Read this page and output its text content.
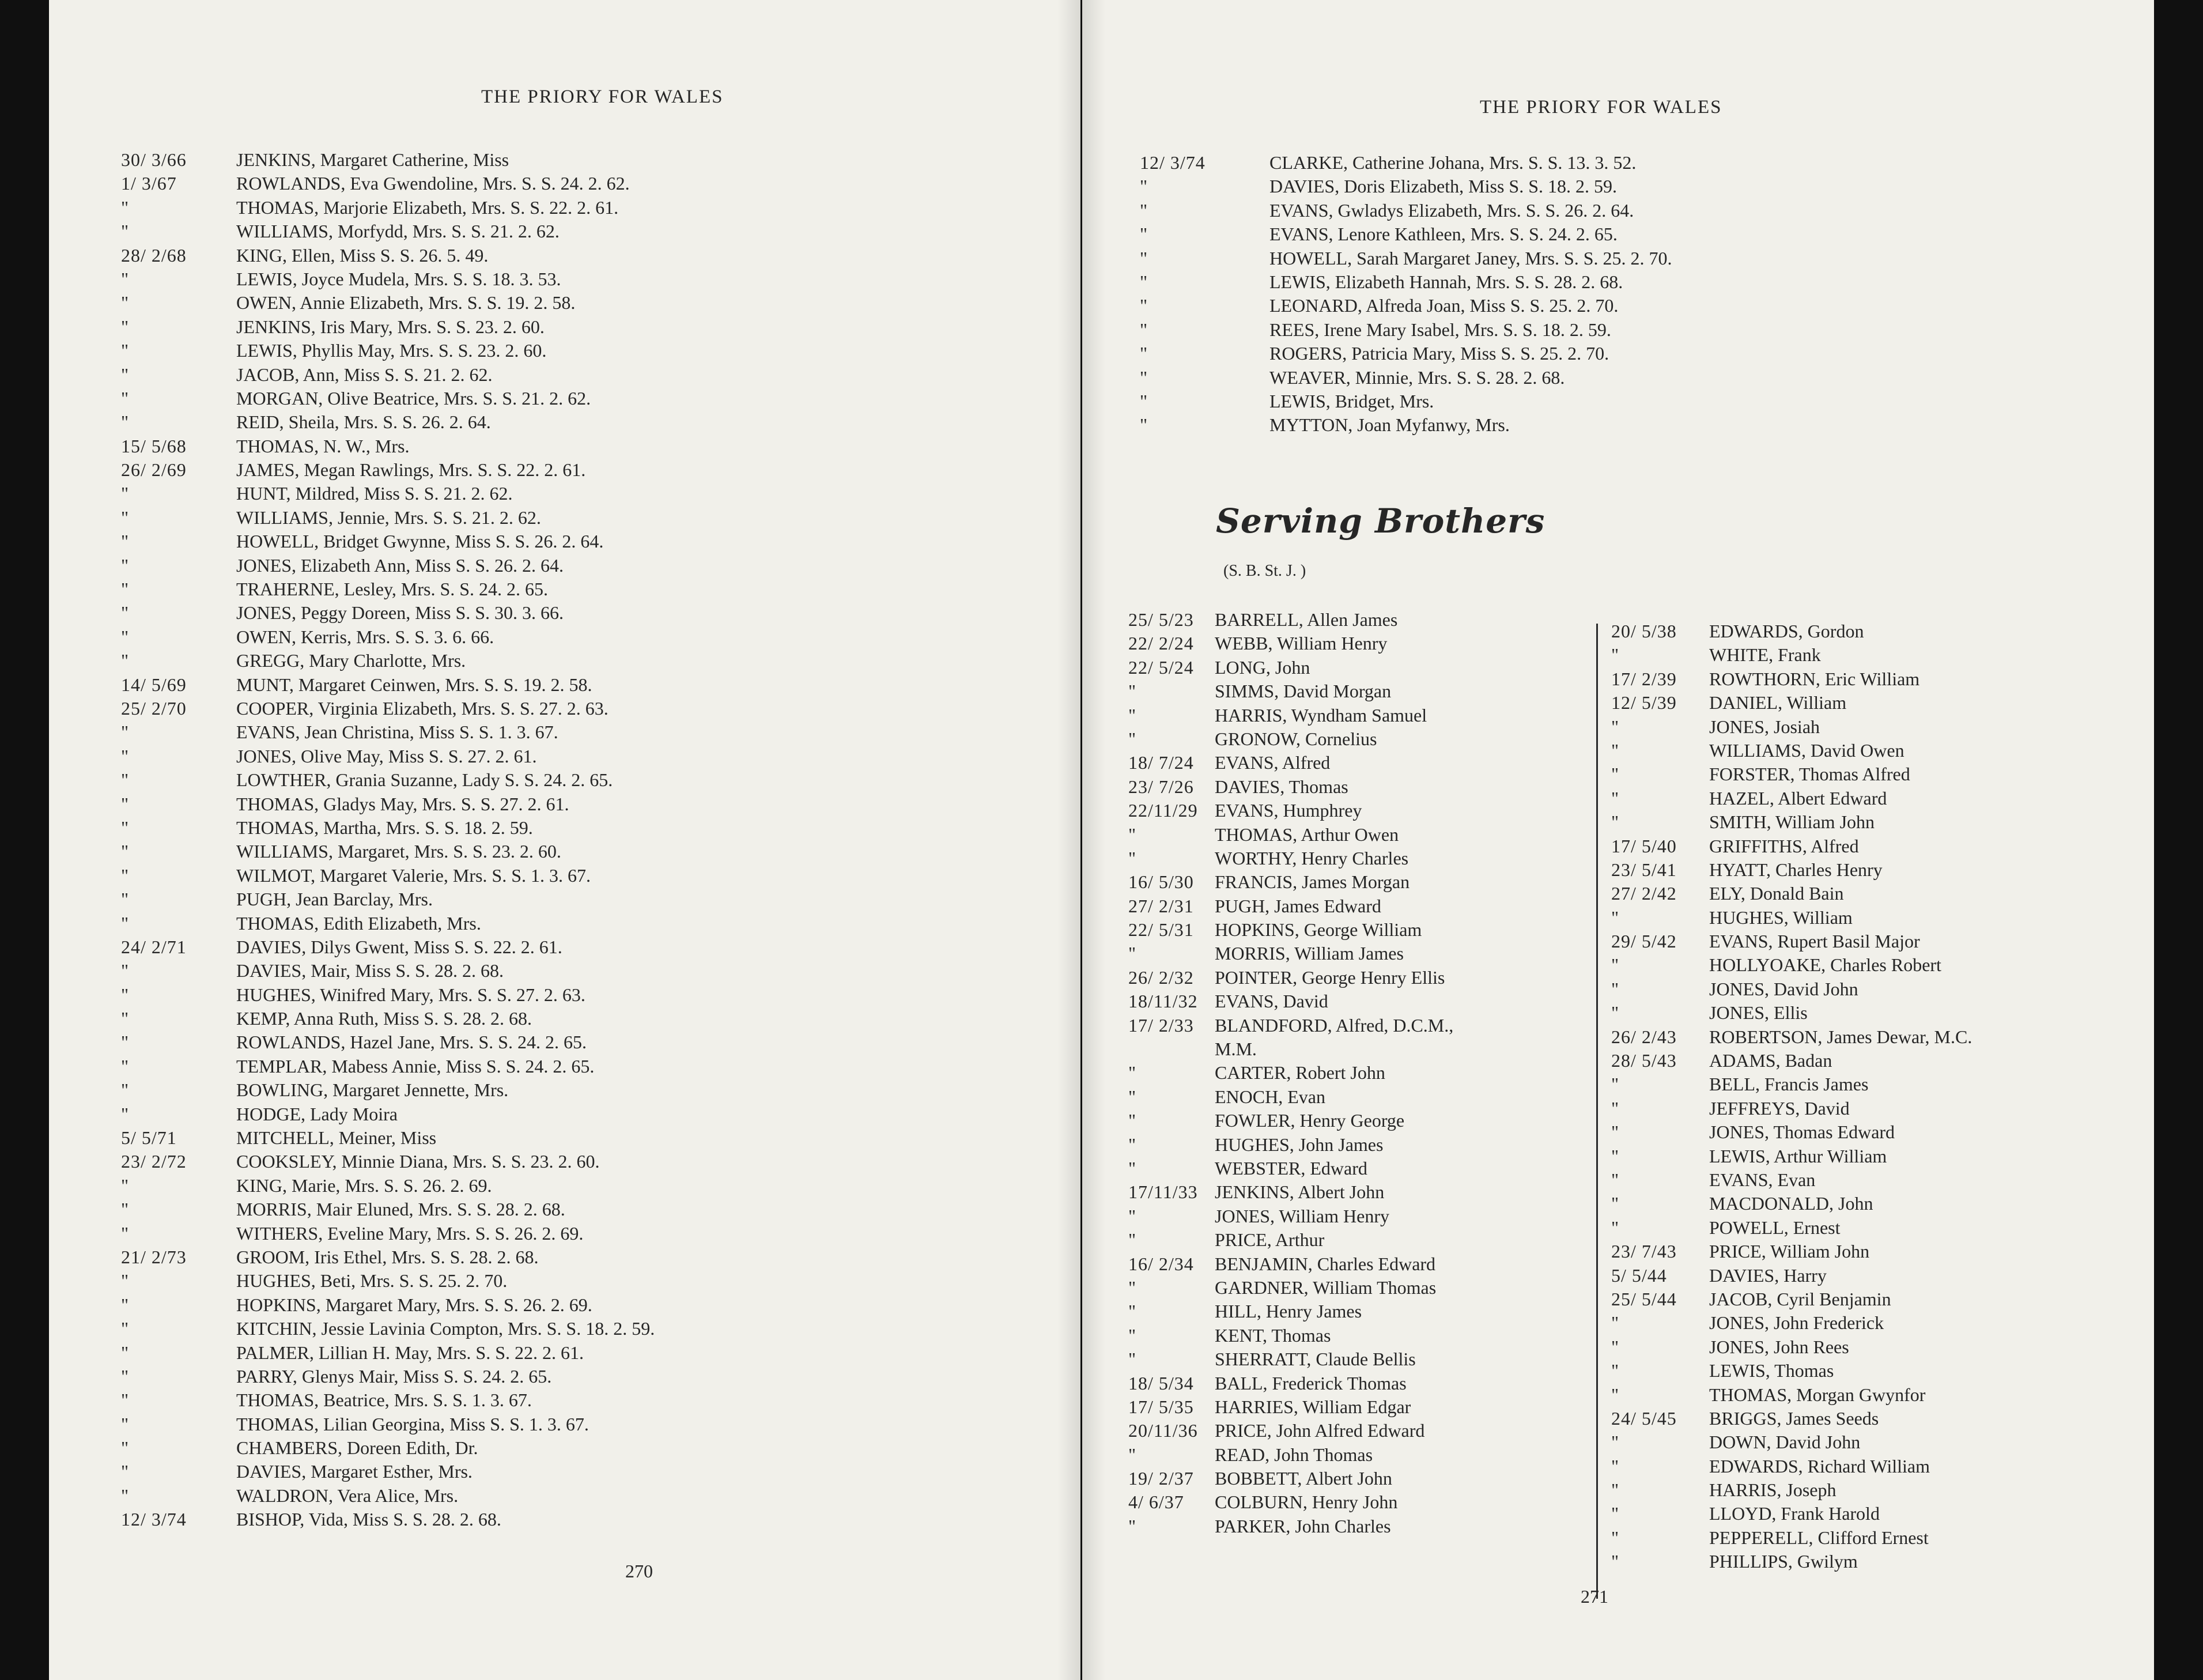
THE PRIORY FOR WALES
30/ 3/66	JENKINS, Margaret Catherine, Miss
1/ 3/67	ROWLANDS, Eva Gwendoline, Mrs. S. S. 24. 2. 62.
"	THOMAS, Marjorie Elizabeth, Mrs. S. S. 22. 2. 61.
"	WILLIAMS, Morfydd, Mrs. S. S. 21. 2. 62.
28/ 2/68	KING, Ellen, Miss S. S. 26. 5. 49.
"	LEWIS, Joyce Mudela, Mrs. S. S. 18. 3. 53.
"	OWEN, Annie Elizabeth, Mrs. S. S. 19. 2. 58.
"	JENKINS, Iris Mary, Mrs. S. S. 23. 2. 60.
"	LEWIS, Phyllis May, Mrs. S. S. 23. 2. 60.
"	JACOB, Ann, Miss S. S. 21. 2. 62.
"	MORGAN, Olive Beatrice, Mrs. S. S. 21. 2. 62.
"	REID, Sheila, Mrs. S. S. 26. 2. 64.
15/ 5/68	THOMAS, N. W., Mrs.
26/ 2/69	JAMES, Megan Rawlings, Mrs. S. S. 22. 2. 61.
"	HUNT, Mildred, Miss S. S. 21. 2. 62.
"	WILLIAMS, Jennie, Mrs. S. S. 21. 2. 62.
"	HOWELL, Bridget Gwynne, Miss S. S. 26. 2. 64.
"	JONES, Elizabeth Ann, Miss S. S. 26. 2. 64.
"	TRAHERNE, Lesley, Mrs. S. S. 24. 2. 65.
"	JONES, Peggy Doreen, Miss S. S. 30. 3. 66.
"	OWEN, Kerris, Mrs. S. S. 3. 6. 66.
"	GREGG, Mary Charlotte, Mrs.
14/ 5/69	MUNT, Margaret Ceinwen, Mrs. S. S. 19. 2. 58.
25/ 2/70	COOPER, Virginia Elizabeth, Mrs. S. S. 27. 2. 63.
"	EVANS, Jean Christina, Miss S. S. 1. 3. 67.
"	JONES, Olive May, Miss S. S. 27. 2. 61.
"	LOWTHER, Grania Suzanne, Lady S. S. 24. 2. 65.
"	THOMAS, Gladys May, Mrs. S. S. 27. 2. 61.
"	THOMAS, Martha, Mrs. S. S. 18. 2. 59.
"	WILLIAMS, Margaret, Mrs. S. S. 23. 2. 60.
"	WILMOT, Margaret Valerie, Mrs. S. S. 1. 3. 67.
"	PUGH, Jean Barclay, Mrs.
"	THOMAS, Edith Elizabeth, Mrs.
24/ 2/71	DAVIES, Dilys Gwent, Miss S. S. 22. 2. 61.
"	DAVIES, Mair, Miss S. S. 28. 2. 68.
"	HUGHES, Winifred Mary, Mrs. S. S. 27. 2. 63.
"	KEMP, Anna Ruth, Miss S. S. 28. 2. 68.
"	ROWLANDS, Hazel Jane, Mrs. S. S. 24. 2. 65.
"	TEMPLAR, Mabess Annie, Miss S. S. 24. 2. 65.
"	BOWLING, Margaret Jennette, Mrs.
"	HODGE, Lady Moira
5/ 5/71	MITCHELL, Meiner, Miss
23/ 2/72	COOKSLEY, Minnie Diana, Mrs. S. S. 23. 2. 60.
"	KING, Marie, Mrs. S. S. 26. 2. 69.
"	MORRIS, Mair Eluned, Mrs. S. S. 28. 2. 68.
"	WITHERS, Eveline Mary, Mrs. S. S. 26. 2. 69.
21/ 2/73	GROOM, Iris Ethel, Mrs. S. S. 28. 2. 68.
"	HUGHES, Beti, Mrs. S. S. 25. 2. 70.
"	HOPKINS, Margaret Mary, Mrs. S. S. 26. 2. 69.
"	KITCHIN, Jessie Lavinia Compton, Mrs. S. S. 18. 2. 59.
"	PALMER, Lillian H. May, Mrs. S. S. 22. 2. 61.
"	PARRY, Glenys Mair, Miss S. S. 24. 2. 65.
"	THOMAS, Beatrice, Mrs. S. S. 1. 3. 67.
"	THOMAS, Lilian Georgina, Miss S. S. 1. 3. 67.
"	CHAMBERS, Doreen Edith, Dr.
"	DAVIES, Margaret Esther, Mrs.
"	WALDRON, Vera Alice, Mrs.
12/ 3/74	BISHOP, Vida, Miss S. S. 28. 2. 68.
270
THE PRIORY FOR WALES
12/ 3/74	CLARKE, Catherine Johana, Mrs. S. S. 13. 3. 52.
"	DAVIES, Doris Elizabeth, Miss S. S. 18. 2. 59.
"	EVANS, Gwladys Elizabeth, Mrs. S. S. 26. 2. 64.
"	EVANS, Lenore Kathleen, Mrs. S. S. 24. 2. 65.
"	HOWELL, Sarah Margaret Janey, Mrs. S. S. 25. 2. 70.
"	LEWIS, Elizabeth Hannah, Mrs. S. S. 28. 2. 68.
"	LEONARD, Alfreda Joan, Miss S. S. 25. 2. 70.
"	REES, Irene Mary Isabel, Mrs. S. S. 18. 2. 59.
"	ROGERS, Patricia Mary, Miss S. S. 25. 2. 70.
"	WEAVER, Minnie, Mrs. S. S. 28. 2. 68.
"	LEWIS, Bridget, Mrs.
"	MYTTON, Joan Myfanwy, Mrs.
Serving Brothers
(S. B. St. J. )
25/ 5/23 BARRELL, Allen James
22/ 2/24 WEBB, William Henry
22/ 5/24 LONG, John
"	SIMMS, David Morgan
"	HARRIS, Wyndham Samuel
"	GRONOW, Cornelius
18/ 7/24 EVANS, Alfred
23/ 7/26 DAVIES, Thomas
22/11/29 EVANS, Humphrey
"	THOMAS, Arthur Owen
"	WORTHY, Henry Charles
16/ 5/30 FRANCIS, James Morgan
27/ 2/31 PUGH, James Edward
22/ 5/31 HOPKINS, George William
"	MORRIS, William James
26/ 2/32 POINTER, George Henry Ellis
18/11/32 EVANS, David
17/ 2/33 BLANDFORD, Alfred, D.C.M.,
M.M.
"	CARTER, Robert John
"	ENOCH, Evan
"	FOWLER, Henry George
"	HUGHES, John James
"	WEBSTER, Edward
17/11/33 JENKINS, Albert John
"	JONES, William Henry
"	PRICE, Arthur
16/ 2/34 BENJAMIN, Charles Edward
"	GARDNER, William Thomas
"	HILL, Henry James
"	KENT, Thomas
"	SHERRATT, Claude Bellis
18/ 5/34 BALL, Frederick Thomas
17/ 5/35 HARRIES, William Edgar
20/11/36 PRICE, John Alfred Edward
"	READ, John Thomas
19/ 2/37 BOBBETT, Albert John
4/ 6/37 COLBURN, Henry John
"	PARKER, John Charles
20/ 5/38 EDWARDS, Gordon
"	WHITE, Frank
17/ 2/39 ROWTHORN, Eric William
12/ 5/39 DANIEL, William
"	JONES, Josiah
"	WILLIAMS, David Owen
"	FORSTER, Thomas Alfred
"	HAZEL, Albert Edward
"	SMITH, William John
17/ 5/40 GRIFFITHS, Alfred
23/ 5/41 HYATT, Charles Henry
27/ 2/42 ELY, Donald Bain
"	HUGHES, William
29/ 5/42 EVANS, Rupert Basil Major
"	HOLLYOAKE, Charles Robert
"	JONES, David John
"	JONES, Ellis
26/ 2/43 ROBERTSON, James Dewar, M.C.
28/ 5/43 ADAMS, Badan
"	BELL, Francis James
"	JEFFREYS, David
"	JONES, Thomas Edward
"	LEWIS, Arthur William
"	EVANS, Evan
"	MACDONALD, John
"	POWELL, Ernest
23/ 7/43 PRICE, William John
5/ 5/44 DAVIES, Harry
25/ 5/44 JACOB, Cyril Benjamin
"	JONES, John Frederick
"	JONES, John Rees
"	LEWIS, Thomas
"	THOMAS, Morgan Gwynfor
24/ 5/45 BRIGGS, James Seeds
"	DOWN, David John
"	EDWARDS, Richard William
"	HARRIS, Joseph
"	LLOYD, Frank Harold
"	PEPPERELL, Clifford Ernest
"	PHILLIPS, Gwilym
271
